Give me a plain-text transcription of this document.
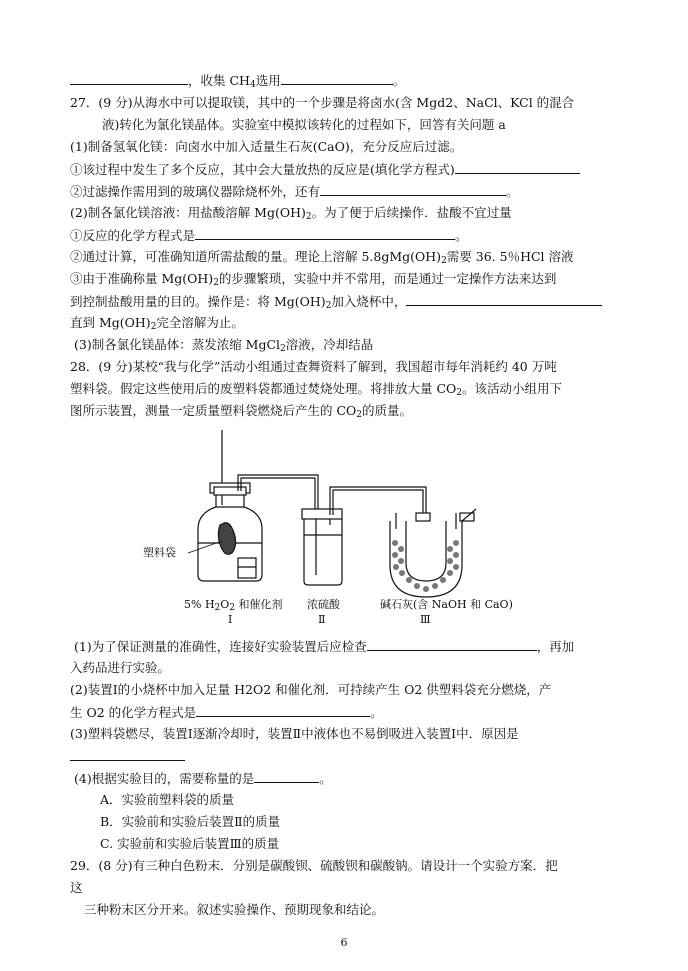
，收集 $CH_4$选用	。
27．(9 分)从海水中可以提取镁，其中的一个步骤是将卤水(含 Mgd2、NaCl、KCl 的混合
液)转化为氯化镁晶体。实验室中模拟该转化的过程如下，回答有关问题 a
(1)制备氢氧化镁：向卤水中加入适量生石灰(CaO)，充分反应后过滤。
①该过程中发生了多个反应，其中会大量放热的反应是(填化学方程式)
②过滤操作需用到的玻璃仪器除烧杯外，还有	。
(2)制各氯化镁溶液：用盐酸溶解 $Mg(OH)_2$。为了便于后续操作．盐酸不宜过量
①反应的化学方程式是	。
②通过计算，可准确知道所需盐酸的量。理论上溶解 $5.8gMg(OH)_2$需要 36. 5％HCl 溶液
③由于准确称量 $Mg(OH)_2$的步骤繁琐，实验中并不常用，而是通过一定操作方法来达到
到控制盐酸用量的目的。操作是：将 $Mg(OH)_2$加入烧杯中，
直到 $Mg(OH)_2$完全溶解为止。
(3)制各氯化镁晶体：蒸发浓缩 MgCl$_2$溶液，冷却结晶
28．(9 分)某校“我与化学”活动小组通过查舞资料了解到，我国超市每年消耗约 40 万吨
塑料袋。假定这些使用后的废塑料袋都通过焚烧处理。将排放大量 $CO_2$。该活动小组用下
图所示装置，测量一定质量塑料袋燃烧后产生的 $CO_2$的质量。
塑料袋
5% $H_2O_2$ 和催化剂 浓硫酸	碱石灰(含 NaOH 和 CaO)
Ⅰ	Ⅱ	Ⅲ
(1)为了保证测量的准确性，连接好实验装置后应检查	，再加
入药品进行实验。
(2)装置Ⅰ的小烧杯中加入足量 H2O2 和催化剂．可持续产生 O2 供塑料袋充分燃烧，产
生 O2 的化学方程式是	。
(3)塑料袋燃尽，装置Ⅰ逐渐冷却时，装置Ⅱ中液体也不易倒吸进入装置Ⅰ中．原因是
(4)根据实验目的，需要称量的是	。
A．实验前塑料袋的质量
B．实验前和实验后装置Ⅱ的质量
C. 实验前和实验后装置Ⅲ的质量
29．(8 分)有三种白色粉末．分别是碳酸钡、硫酸钡和碳酸钠。请设计一个实验方案．把
这
三种粉末区分开来。叙述实验操作、预期现象和结论。
6
